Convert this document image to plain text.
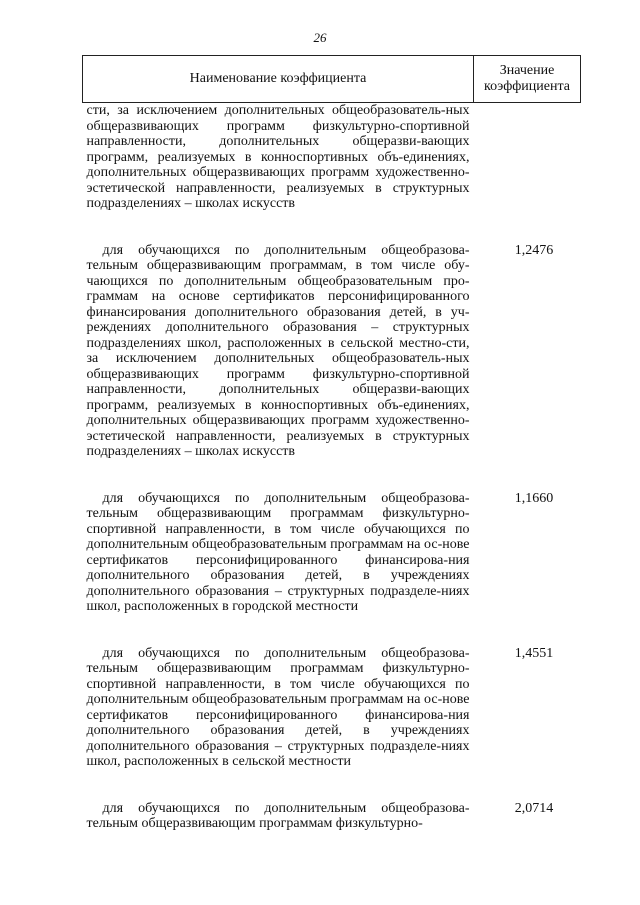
26
Наименование коэффициента	Значение коэффициента

сти, за исключением дополнительных общеобразователь-ных общеразвивающих программ физкультурно-спортивной направленности, дополнительных общеразви-вающих программ, реализуемых в конноспортивных объ-единениях, дополнительных общеразвивающих программ художественно-эстетической направленности, реализуемых в структурных подразделениях – школах искусств	

для обучающихся по дополнительным общеобразова-тельным общеразвивающим программам, в том числе обу-чающихся по дополнительным общеобразовательным про-граммам на основе сертификатов персонифицированного финансирования дополнительного образования детей, в уч-реждениях дополнительного образования – структурных подразделениях школ, расположенных в сельской местно-сти, за исключением дополнительных общеобразователь-ных общеразвивающих программ физкультурно-спортивной направленности, дополнительных общеразви-вающих программ, реализуемых в конноспортивных объ-единениях, дополнительных общеразвивающих программ художественно-эстетической направленности, реализуемых в структурных подразделениях – школах искусств	1,2476

для обучающихся по дополнительным общеобразова-тельным общеразвивающим программам физкультурно-спортивной направленности, в том числе обучающихся по дополнительным общеобразовательным программам на ос-нове сертификатов персонифицированного финансирова-ния дополнительного образования детей, в учреждениях дополнительного образования – структурных подразделе-ниях школ, расположенных в городской местности	1,1660

для обучающихся по дополнительным общеобразова-тельным общеразвивающим программам физкультурно-спортивной направленности, в том числе обучающихся по дополнительным общеобразовательным программам на ос-нове сертификатов персонифицированного финансирова-ния дополнительного образования детей, в учреждениях дополнительного образования – структурных подразделе-ниях школ, расположенных в сельской местности	1,4551

для обучающихся по дополнительным общеобразова-тельным общеразвивающим программам физкультурно-	2,0714
